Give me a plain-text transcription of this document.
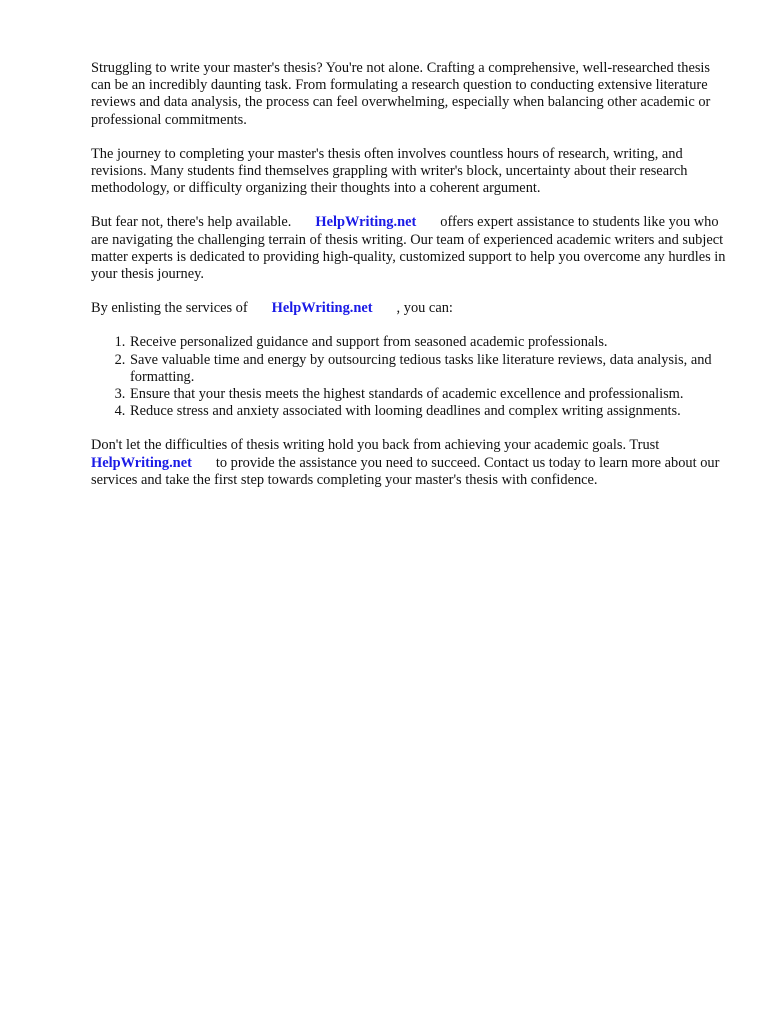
Struggling to write your master's thesis? You're not alone. Crafting a comprehensive, well-researched thesis can be an incredibly daunting task. From formulating a research question to conducting extensive literature reviews and data analysis, the process can feel overwhelming, especially when balancing other academic or professional commitments.

The journey to completing your master's thesis often involves countless hours of research, writing, and revisions. Many students find themselves grappling with writer's block, uncertainty about their research methodology, or difficulty organizing their thoughts into a coherent argument.

But fear not, there's help available. HelpWriting.net offers expert assistance to students like you who are navigating the challenging terrain of thesis writing. Our team of experienced academic writers and subject matter experts is dedicated to providing high-quality, customized support to help you overcome any hurdles in your thesis journey.

By enlisting the services of HelpWriting.net , you can:

1. Receive personalized guidance and support from seasoned academic professionals.
2. Save valuable time and energy by outsourcing tedious tasks like literature reviews, data analysis, and formatting.
3. Ensure that your thesis meets the highest standards of academic excellence and professionalism.
4. Reduce stress and anxiety associated with looming deadlines and complex writing assignments.

Don't let the difficulties of thesis writing hold you back from achieving your academic goals. Trust HelpWriting.net to provide the assistance you need to succeed. Contact us today to learn more about our services and take the first step towards completing your master's thesis with confidence.
